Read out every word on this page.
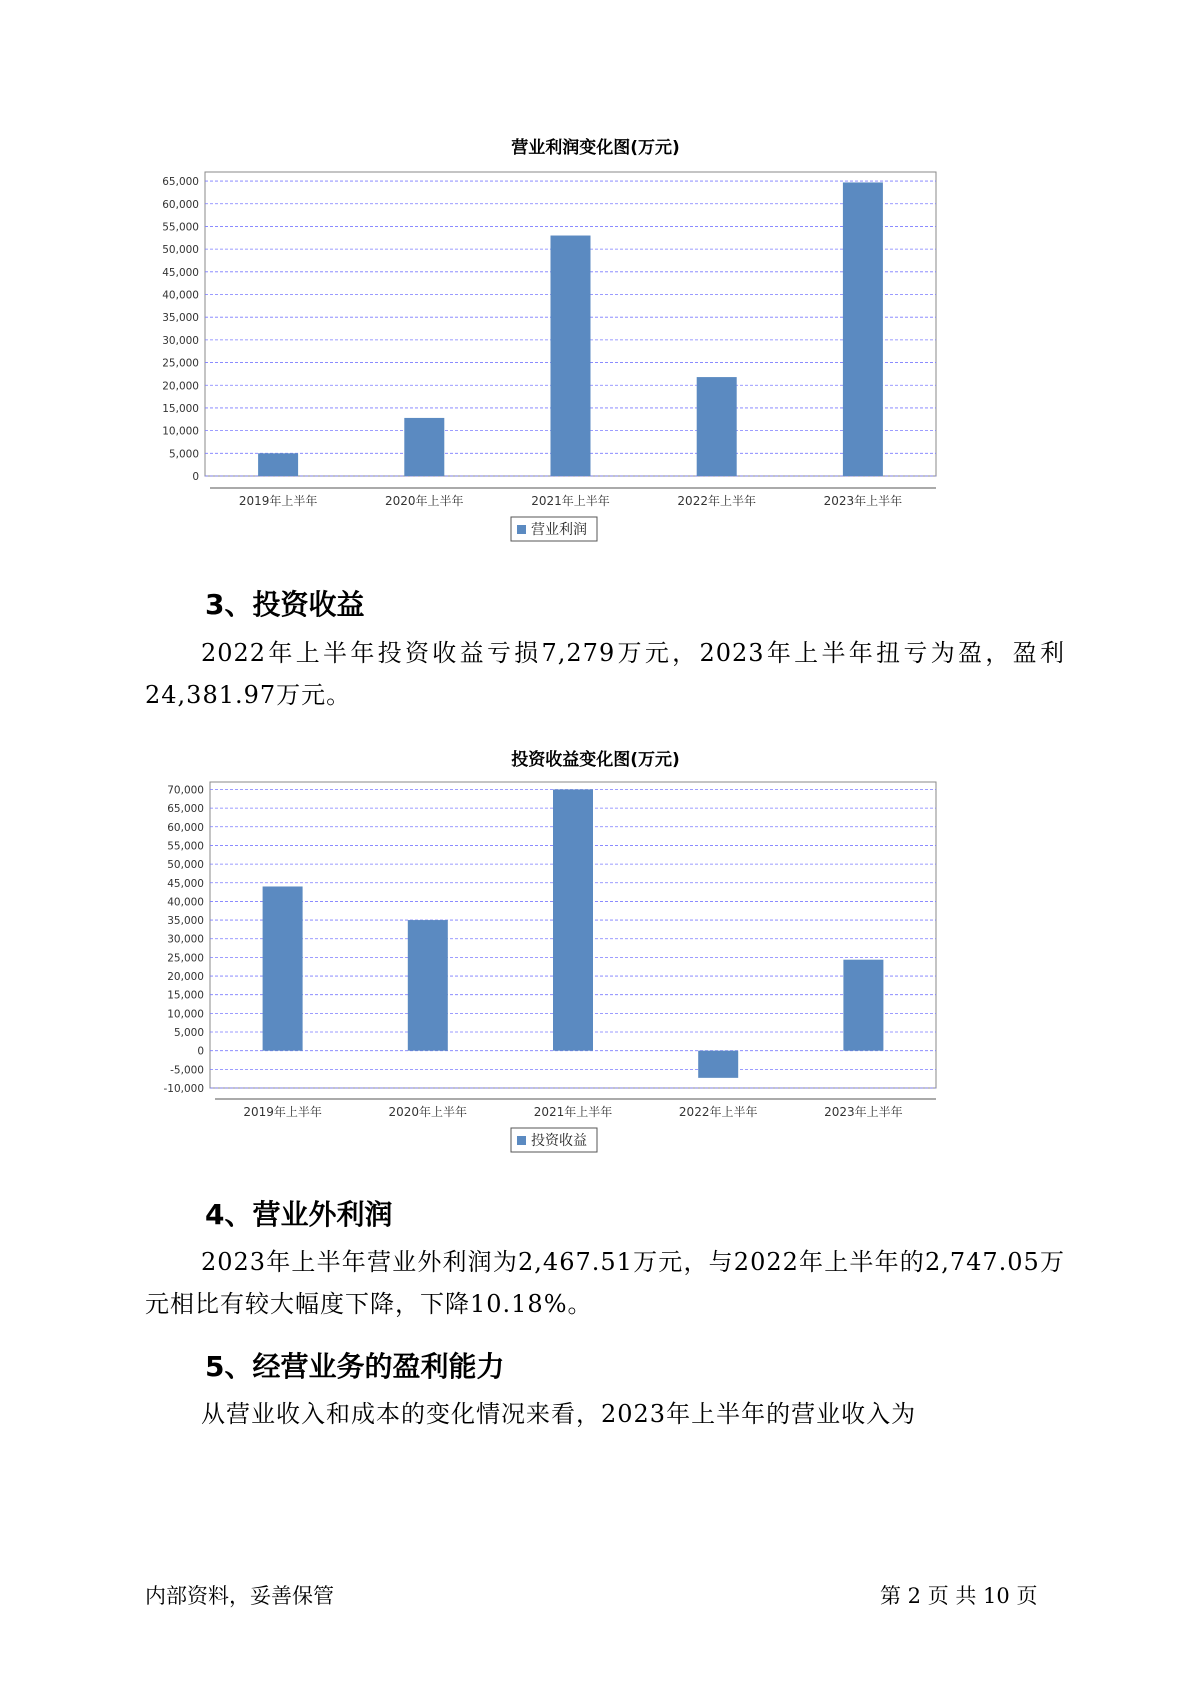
营业利润变化图(万元)
65,000
60,000
55,000
50,000
45,000
40,000
35,000
30,000
25,000
20,000
15,000
10,000
5,000
0
2019年上半年	2020年上半年	2021年上半年	2022年上半年	2023年上半年
营业利润
3、投资收益
2022年上半年投资收益亏损7,279万元，2023年上半年扭亏为盈，盈利24,381.97万元。
投资收益变化图(万元)
70,000
65,000
60,000
55,000
50,000
45,000
40,000
35,000
30,000
25,000
20,000
15,000
10,000
5,000
0
-5,000
-10,000
2019年上半年	2020年上半年	2021年上半年	2022年上半年	2023年上半年
投资收益
4、营业外利润
2023年上半年营业外利润为2,467.51万元，与2022年上半年的2,747.05万元相比有较大幅度下降，下降10.18%。
5、经营业务的盈利能力
从营业收入和成本的变化情况来看，2023年上半年的营业收入为
内部资料，妥善保管	第 2 页 共 10 页
